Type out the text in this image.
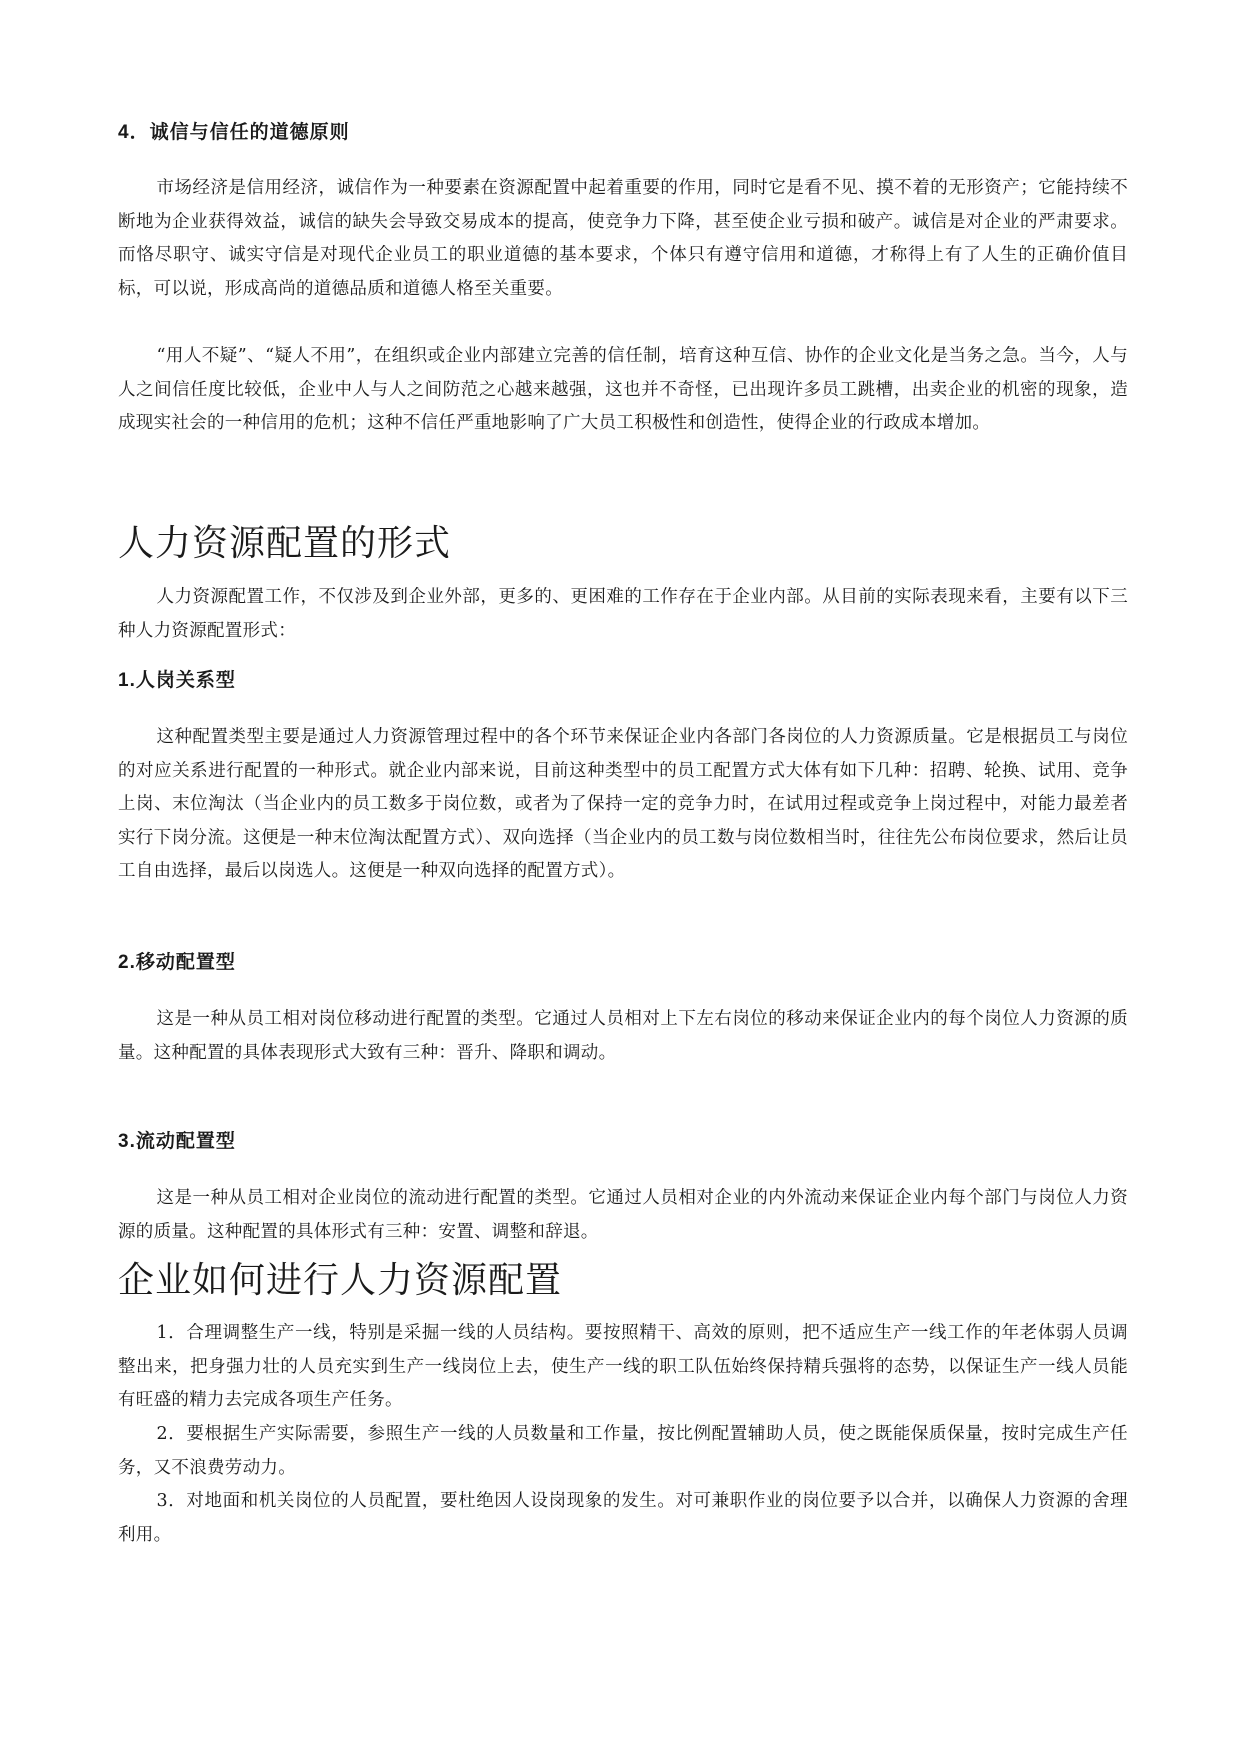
4．诚信与信任的道德原则

市场经济是信用经济，诚信作为一种要素在资源配置中起着重要的作用，同时它是看不见、摸不着的无形资产；它能持续不断地为企业获得效益，诚信的缺失会导致交易成本的提高，使竞争力下降，甚至使企业亏损和破产。诚信是对企业的严肃要求。而恪尽职守、诚实守信是对现代企业员工的职业道德的基本要求，个体只有遵守信用和道德，才称得上有了人生的正确价值目标，可以说，形成高尚的道德品质和道德人格至关重要。

“用人不疑”、“疑人不用”，在组织或企业内部建立完善的信任制，培育这种互信、协作的企业文化是当务之急。当今，人与人之间信任度比较低，企业中人与人之间防范之心越来越强，这也并不奇怪，已出现许多员工跳槽，出卖企业的机密的现象，造成现实社会的一种信用的危机；这种不信任严重地影响了广大员工积极性和创造性，使得企业的行政成本增加。

人力资源配置的形式

人力资源配置工作，不仅涉及到企业外部，更多的、更困难的工作存在于企业内部。从目前的实际表现来看，主要有以下三种人力资源配置形式：

1.人岗关系型

这种配置类型主要是通过人力资源管理过程中的各个环节来保证企业内各部门各岗位的人力资源质量。它是根据员工与岗位的对应关系进行配置的一种形式。就企业内部来说，目前这种类型中的员工配置方式大体有如下几种：招聘、轮换、试用、竞争上岗、末位淘汰（当企业内的员工数多于岗位数，或者为了保持一定的竞争力时，在试用过程或竞争上岗过程中，对能力最差者实行下岗分流。这便是一种末位淘汰配置方式）、双向选择（当企业内的员工数与岗位数相当时，往往先公布岗位要求，然后让员工自由选择，最后以岗选人。这便是一种双向选择的配置方式）。

2.移动配置型

这是一种从员工相对岗位移动进行配置的类型。它通过人员相对上下左右岗位的移动来保证企业内的每个岗位人力资源的质量。这种配置的具体表现形式大致有三种：晋升、降职和调动。

3.流动配置型

这是一种从员工相对企业岗位的流动进行配置的类型。它通过人员相对企业的内外流动来保证企业内每个部门与岗位人力资源的质量。这种配置的具体形式有三种：安置、调整和辞退。

企业如何进行人力资源配置

1．合理调整生产一线，特别是采掘一线的人员结构。要按照精干、高效的原则，把不适应生产一线工作的年老体弱人员调整出来，把身强力壮的人员充实到生产一线岗位上去，使生产一线的职工队伍始终保持精兵强将的态势，以保证生产一线人员能有旺盛的精力去完成各项生产任务。

2．要根据生产实际需要，参照生产一线的人员数量和工作量，按比例配置辅助人员，使之既能保质保量，按时完成生产任务，又不浪费劳动力。

3．对地面和机关岗位的人员配置，要杜绝因人设岗现象的发生。对可兼职作业的岗位要予以合并，以确保人力资源的舍理利用。
